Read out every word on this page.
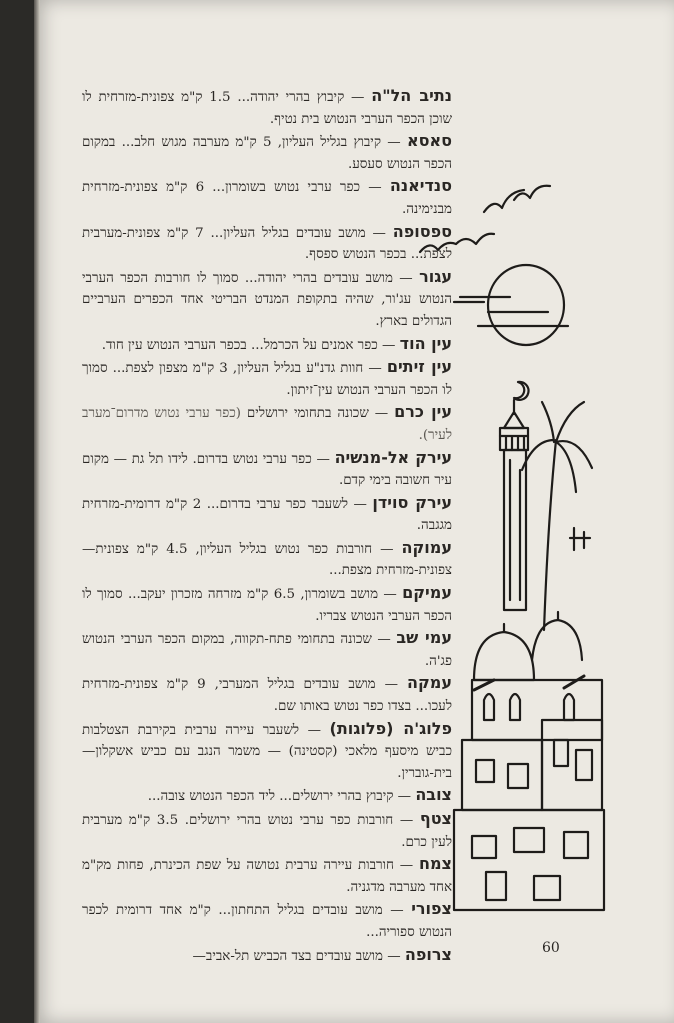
נתיב הל"ה — קיבוץ בהרי יהודה... 1.5 ק"מ צפונית-מזרחית לו שוכן הכפר הערבי הנטוש בית נטיף.

סאסא — קיבוץ בגליל העליון, 5 ק"מ מערבה מגוש חלב... במקום הכפר הנטוש סעסע.

סנדיאנה — כפר ערבי נטוש בשומרון... 6 ק"מ צפונית-מזרחית מבנימינה.

ספסופה — מושב עובדים בגליל העליון... 7 ק"מ צפונית-מערבית לצפת... בכפר הנטוש ספסף.

עגור — מושב עובדים בהרי יהודה... סמוך לו חורבות הכפר הערבי הנטוש עג'ור, שהיה בתקופת המנדט הבריטי אחד הכפרים הערביים הגדולים בארץ.

עין הוד — כפר אמנים על הכרמל... בכפר הערבי הנטוש עין חוד.

עין זיתים — חוות גדנ"ע בגליל העליון, 3 ק"מ מצפון לצפת... סמוך לו הכפר הערבי הנטוש עין־זיתון.

עין כרם — שכונה בתחומי ירושלים (כפר ערבי נטוש מדרום־מערב לעיר).

עירק אל-מנשיה — כפר ערבי נטוש בדרום. לידו תל גת — מקום עיר חשובה בימי קדם.

עירק סוידן — לשעבר כפר ערבי בדרום... 2 ק"מ דרומית-מזרחית מגגבה.

עמוקה — חורבות כפר נטוש בגליל העליון, 4.5 ק"מ צפונית—צפונית-מזרחית מצפת...

עמיקם — מושב בשומרון, 6.5 ק"מ מזרחה מזכרון יעקב... סמוך לו הכפר הערבי הנטוש צבריו.

עמי שב — שכונה בתחומי פתח-תקווה, במקום הכפר הערבי הנטוש פג'ה.

עמקה — מושב עובדים בגליל המערבי, 9 ק"מ צפונית-מזרחית לעכו... בצדו כפר נטוש באותו שם.

פלוג'ה (פלוגות) — לשעבר עיירה ערבית בקירבת הצטלבות כביש מיסעף מלאכי (קסטינה) — משמר הנגב עם כביש אשקלון—בית-גוברין.

צובה — קיבוץ בהרי ירושלים... ליד הכפר הנטוש צובה...

צטף — חורבות כפר ערבי נטוש בהרי ירושלים. 3.5 ק"מ מערבית לעין כרם.

צמח — חורבות עיירה ערבית נטושה על שפת הכינרת, פחות מק"מ אחד מערבה מדגניה.

צפורי — מושב עובדים בגליל התחתון... ק"מ אחד דרומית לכפר הנטוש ספוריה...

צרופה — מושב עובדים בצד הכביש תל-אביב—

60
